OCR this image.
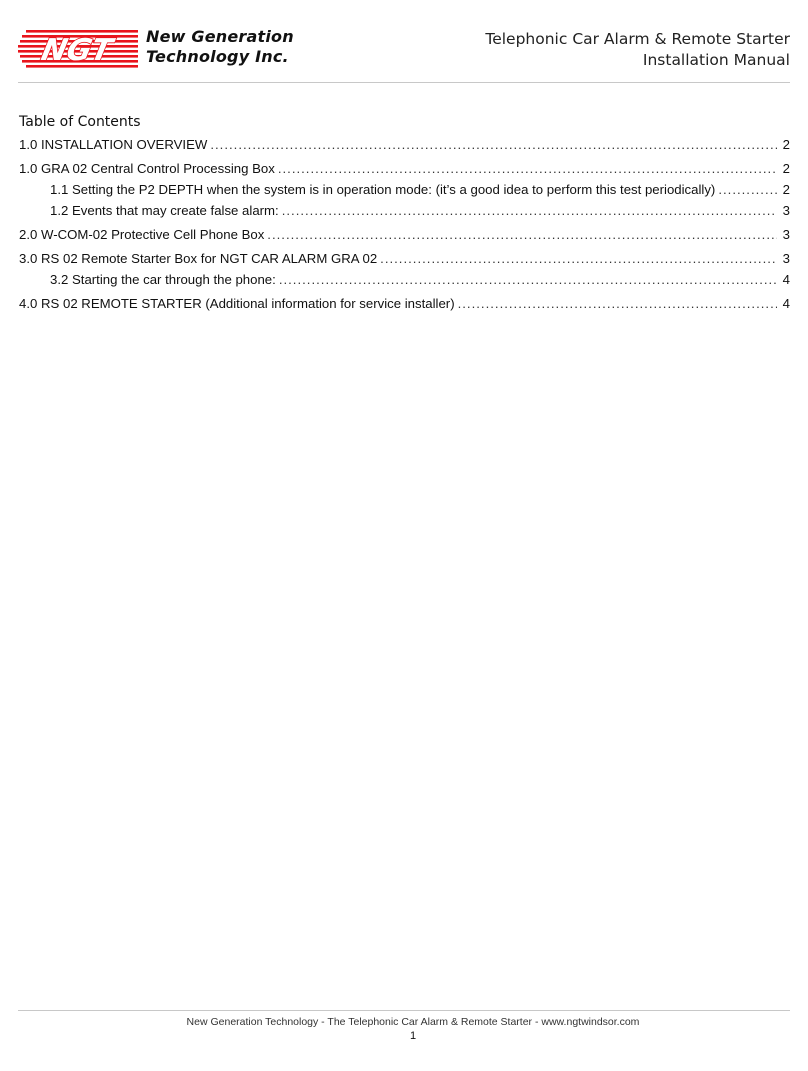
NGT New Generation
Technology Inc.
Telephonic Car Alarm & Remote Starter
Installation Manual
Table of Contents
1.0 INSTALLATION OVERVIEW .....	2
1.0 GRA 02 Central Control Processing Box .....	2
1.1 Setting the P2 DEPTH when the system is in operation mode: (it’s a good idea to perform this test periodically) .....	2
1.2 Events that may create false alarm: .....	3
2.0 W-COM-02 Protective Cell Phone Box .....	3
3.0 RS 02 Remote Starter Box for NGT CAR ALARM GRA 02 .....	3
3.2 Starting the car through the phone: .....	4
4.0 RS 02 REMOTE STARTER (Additional information for service installer) .....	4
New Generation Technology - The Telephonic Car Alarm & Remote Starter - www.ngtwindsor.com
1
